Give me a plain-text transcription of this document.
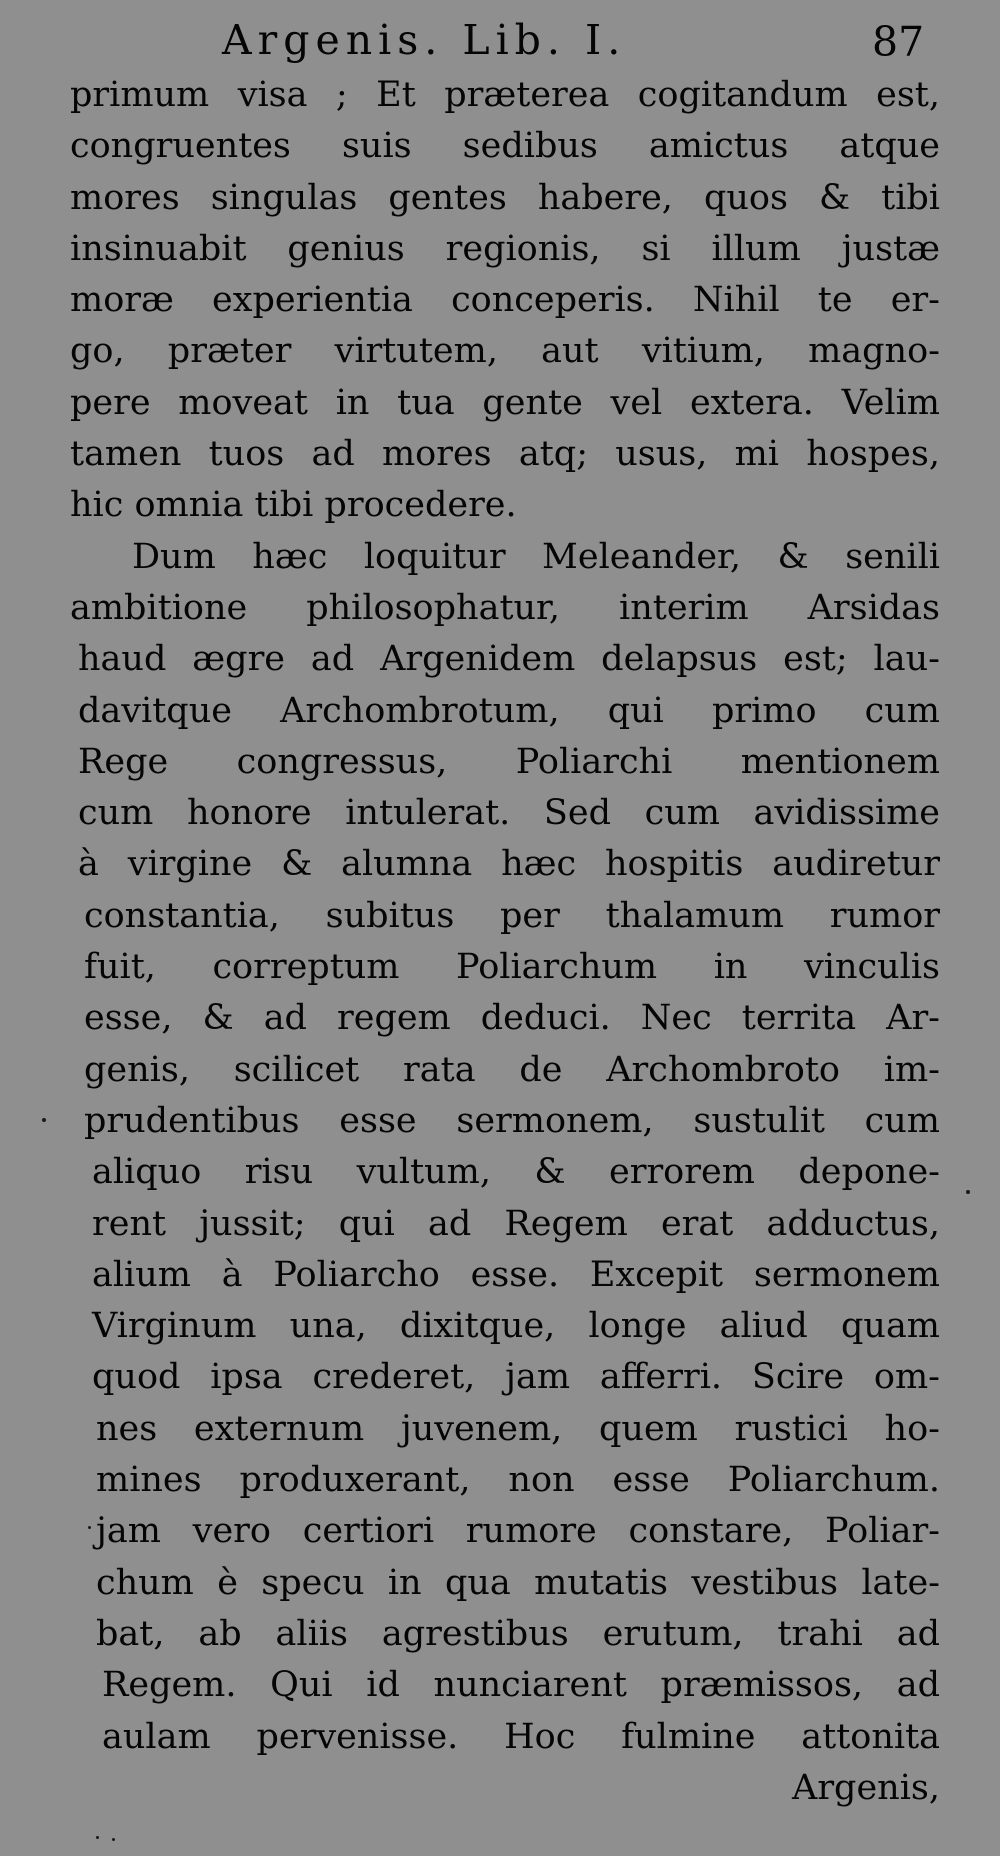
Argenis. Lib. I.	87
primum visa ; Et præterea cogitandum est,
congruentes suis sedibus amictus atque
mores singulas gentes habere, quos & tibi
insinuabit genius regionis, si illum justæ
moræ experientia conceperis. Nihil te er-
go, præter virtutem, aut vitium, magno-
pere moveat in tua gente vel extera. Velim
tamen tuos ad mores atq; usus, mi hospes,
hic omnia tibi procedere.
Dum hæc loquitur Meleander, & senili
ambitione philosophatur, interim Arsidas
haud ægre ad Argenidem delapsus est; lau-
davitque Archombrotum, qui primo cum
Rege congressus, Poliarchi mentionem
cum honore intulerat. Sed cum avidissime
à virgine & alumna hæc hospitis audiretur
constantia, subitus per thalamum rumor
fuit, correptum Poliarchum in vinculis
esse, & ad regem deduci. Nec territa Ar-
genis, scilicet rata de Archombroto im-
prudentibus esse sermonem, sustulit cum
aliquo risu vultum, & errorem depone-
rent jussit; qui ad Regem erat adductus,
alium à Poliarcho esse. Excepit sermonem
Virginum una, dixitque, longe aliud quam
quod ipsa crederet, jam afferri. Scire om-
nes externum juvenem, quem rustici ho-
mines produxerant, non esse Poliarchum.
jam vero certiori rumore constare, Poliar-
chum è specu in qua mutatis vestibus late-
bat, ab aliis agrestibus erutum, trahi ad
Regem. Qui id nunciarent præmissos, ad
aulam pervenisse. Hoc fulmine attonita
Argenis,
